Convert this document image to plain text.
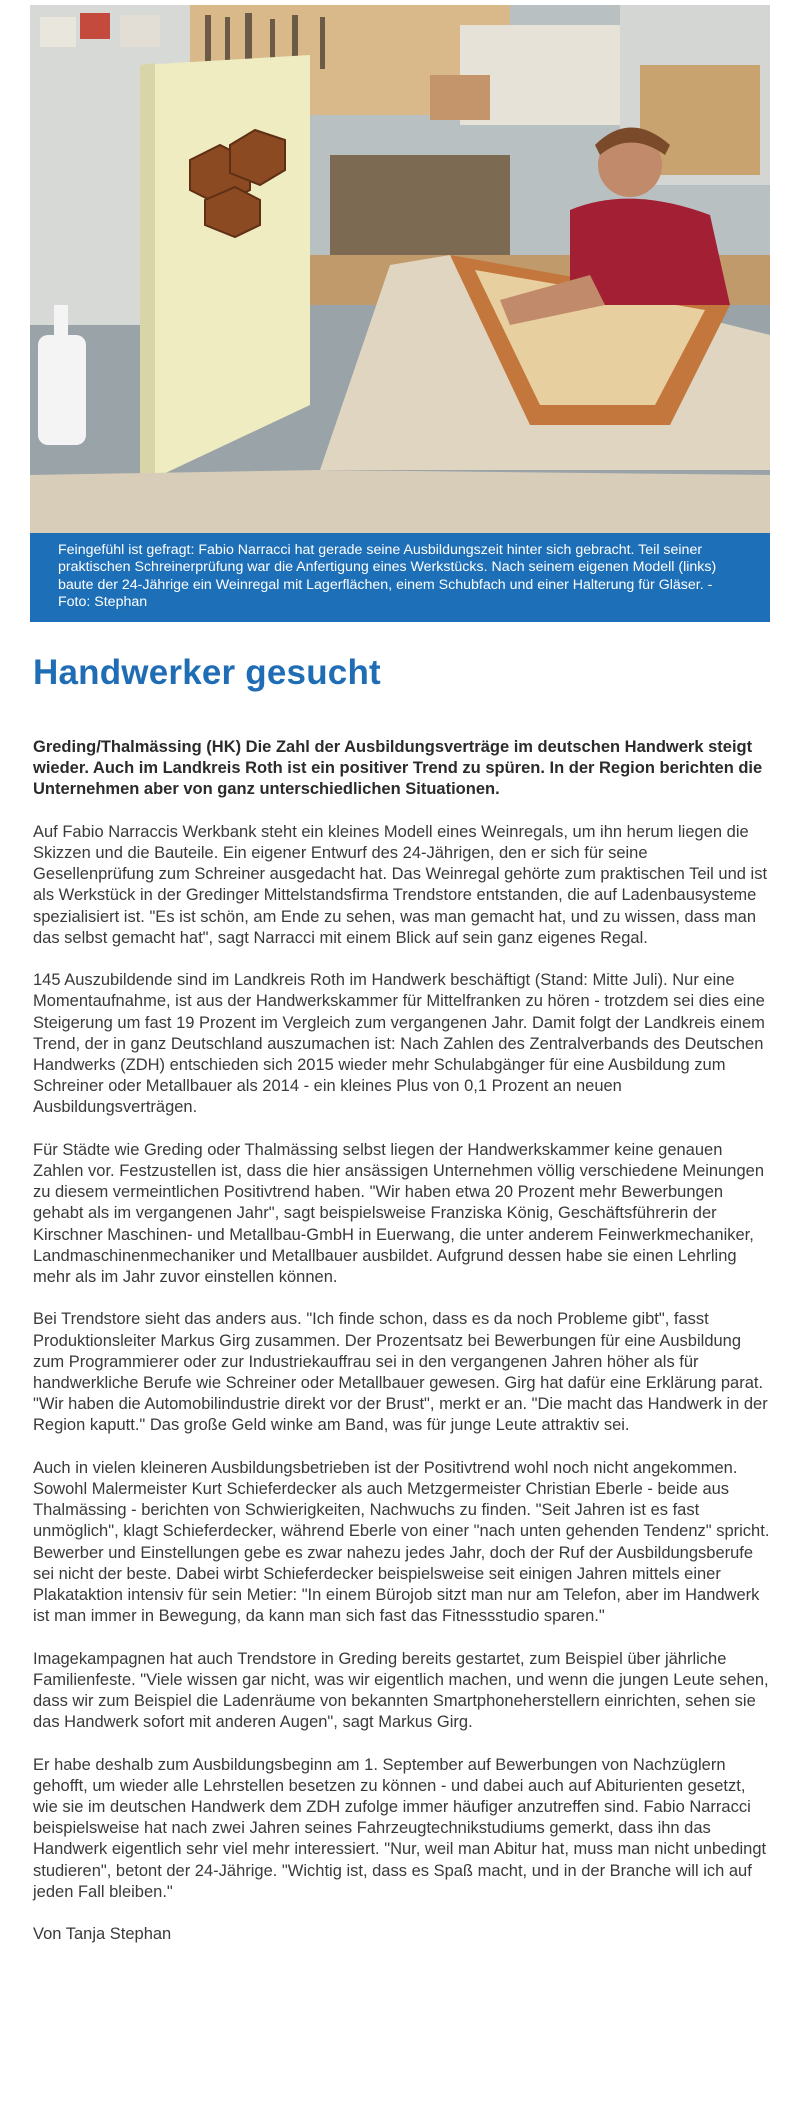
Feingefühl ist gefragt: Fabio Narracci hat gerade seine Ausbildungszeit hinter sich gebracht. Teil seiner praktischen Schreinerprüfung war die Anfertigung eines Werkstücks. Nach seinem eigenen Modell (links) baute der 24-Jährige ein Weinregal mit Lagerflächen, einem Schubfach und einer Halterung für Gläser. - Foto: Stephan
Handwerker gesucht

Greding/Thalmässing (HK) Die Zahl der Ausbildungsverträge im deutschen Handwerk steigt wieder. Auch im Landkreis Roth ist ein positiver Trend zu spüren. In der Region berichten die Unternehmen aber von ganz unterschiedlichen Situationen.

Auf Fabio Narraccis Werkbank steht ein kleines Modell eines Weinregals, um ihn herum liegen die Skizzen und die Bauteile. Ein eigener Entwurf des 24-Jährigen, den er sich für seine Gesellenprüfung zum Schreiner ausgedacht hat. Das Weinregal gehörte zum praktischen Teil und ist als Werkstück in der Gredinger Mittelstandsfirma Trendstore entstanden, die auf Ladenbausysteme spezialisiert ist. "Es ist schön, am Ende zu sehen, was man gemacht hat, und zu wissen, dass man das selbst gemacht hat", sagt Narracci mit einem Blick auf sein ganz eigenes Regal.

145 Auszubildende sind im Landkreis Roth im Handwerk beschäftigt (Stand: Mitte Juli). Nur eine Momentaufnahme, ist aus der Handwerkskammer für Mittelfranken zu hören - trotzdem sei dies eine Steigerung um fast 19 Prozent im Vergleich zum vergangenen Jahr. Damit folgt der Landkreis einem Trend, der in ganz Deutschland auszumachen ist: Nach Zahlen des Zentralverbands des Deutschen Handwerks (ZDH) entschieden sich 2015 wieder mehr Schulabgänger für eine Ausbildung zum Schreiner oder Metallbauer als 2014 - ein kleines Plus von 0,1 Prozent an neuen Ausbildungsverträgen.

Für Städte wie Greding oder Thalmässing selbst liegen der Handwerkskammer keine genauen Zahlen vor. Festzustellen ist, dass die hier ansässigen Unternehmen völlig verschiedene Meinungen zu diesem vermeintlichen Positivtrend haben. "Wir haben etwa 20 Prozent mehr Bewerbungen gehabt als im vergangenen Jahr", sagt beispielsweise Franziska König, Geschäftsführerin der Kirschner Maschinen- und Metallbau-GmbH in Euerwang, die unter anderem Feinwerkmechaniker, Landmaschinenmechaniker und Metallbauer ausbildet. Aufgrund dessen habe sie einen Lehrling mehr als im Jahr zuvor einstellen können.

Bei Trendstore sieht das anders aus. "Ich finde schon, dass es da noch Probleme gibt", fasst Produktionsleiter Markus Girg zusammen. Der Prozentsatz bei Bewerbungen für eine Ausbildung zum Programmierer oder zur Industriekauffrau sei in den vergangenen Jahren höher als für handwerkliche Berufe wie Schreiner oder Metallbauer gewesen. Girg hat dafür eine Erklärung parat. "Wir haben die Automobilindustrie direkt vor der Brust", merkt er an. "Die macht das Handwerk in der Region kaputt." Das große Geld winke am Band, was für junge Leute attraktiv sei.

Auch in vielen kleineren Ausbildungsbetrieben ist der Positivtrend wohl noch nicht angekommen. Sowohl Malermeister Kurt Schieferdecker als auch Metzgermeister Christian Eberle - beide aus Thalmässing - berichten von Schwierigkeiten, Nachwuchs zu finden. "Seit Jahren ist es fast unmöglich", klagt Schieferdecker, während Eberle von einer "nach unten gehenden Tendenz" spricht. Bewerber und Einstellungen gebe es zwar nahezu jedes Jahr, doch der Ruf der Ausbildungsberufe sei nicht der beste. Dabei wirbt Schieferdecker beispielsweise seit einigen Jahren mittels einer Plakataktion intensiv für sein Metier: "In einem Bürojob sitzt man nur am Telefon, aber im Handwerk ist man immer in Bewegung, da kann man sich fast das Fitnessstudio sparen."

Imagekampagnen hat auch Trendstore in Greding bereits gestartet, zum Beispiel über jährliche Familienfeste. "Viele wissen gar nicht, was wir eigentlich machen, und wenn die jungen Leute sehen, dass wir zum Beispiel die Ladenräume von bekannten Smartphoneherstellern einrichten, sehen sie das Handwerk sofort mit anderen Augen", sagt Markus Girg.

Er habe deshalb zum Ausbildungsbeginn am 1. September auf Bewerbungen von Nachzüglern gehofft, um wieder alle Lehrstellen besetzen zu können - und dabei auch auf Abiturienten gesetzt, wie sie im deutschen Handwerk dem ZDH zufolge immer häufiger anzutreffen sind. Fabio Narracci beispielsweise hat nach zwei Jahren seines Fahrzeugtechnikstudiums gemerkt, dass ihn das Handwerk eigentlich sehr viel mehr interessiert. "Nur, weil man Abitur hat, muss man nicht unbedingt studieren", betont der 24-Jährige. "Wichtig ist, dass es Spaß macht, und in der Branche will ich auf jeden Fall bleiben."

Von Tanja Stephan
